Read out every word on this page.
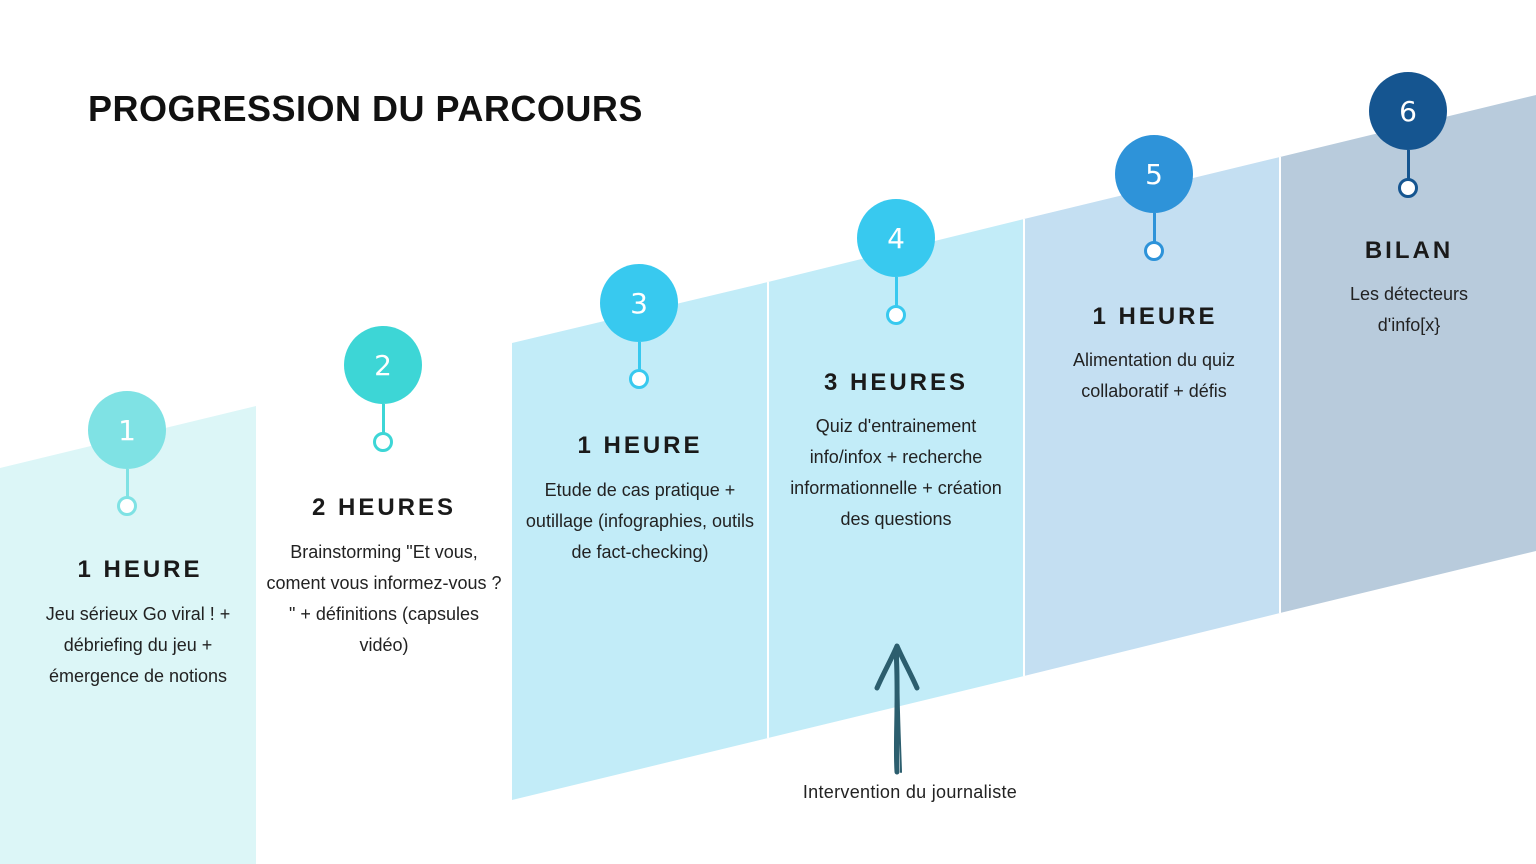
PROGRESSION DU PARCOURS
1
1 HEURE
Jeu sérieux Go viral ! + débriefing du jeu + émergence de notions
2
2 HEURES
Brainstorming "Et vous, coment vous informez-vous ? " + définitions (capsules vidéo)
3
1 HEURE
Etude de cas pratique + outillage (infographies, outils de fact-checking)
4
3 HEURES
Quiz d'entrainement info/infox + recherche informationnelle + création des questions
5
1 HEURE
Alimentation du quiz collaboratif + défis
6
BILAN
Les détecteurs d'info[x}
Intervention du journaliste
